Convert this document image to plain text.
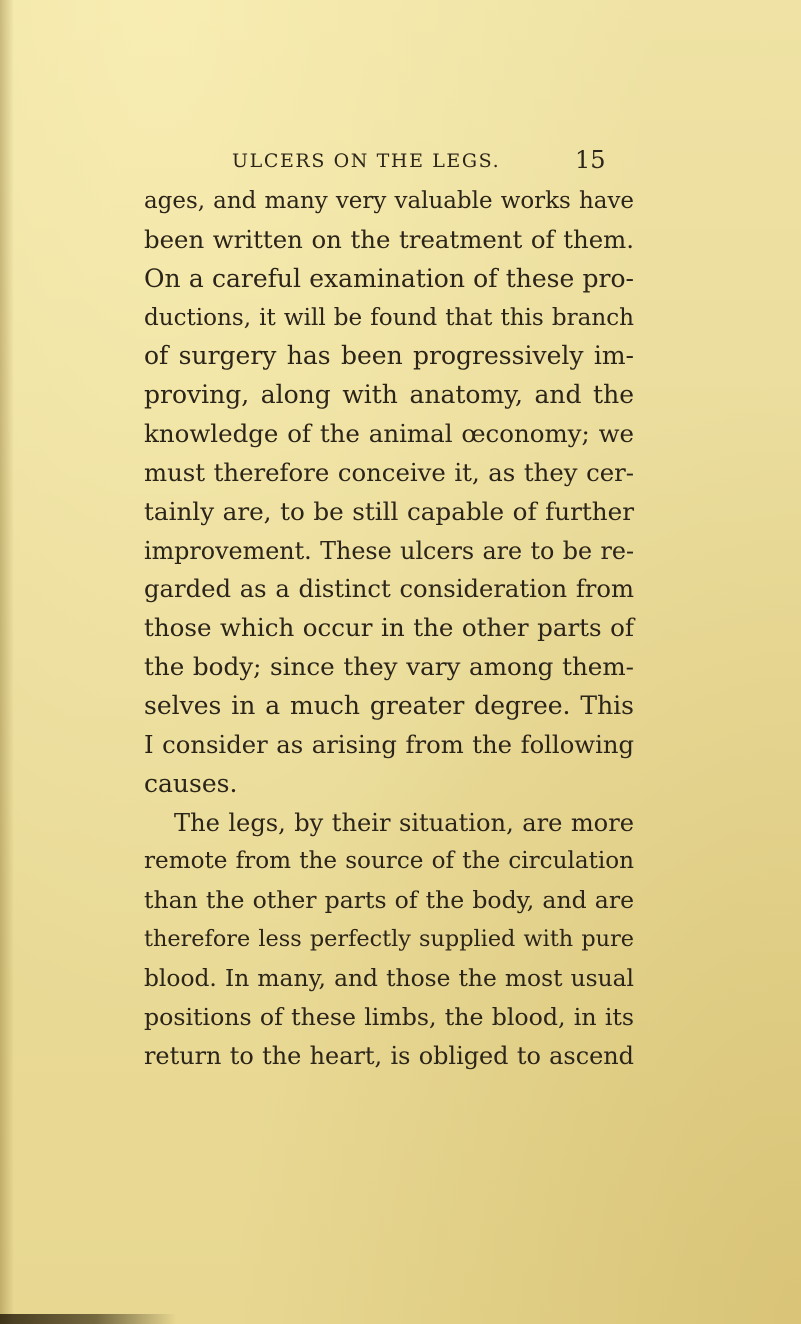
ULCERS ON THE LEGS.	15
ages, and many very valuable works have
been written on the treatment of them.
On a careful examination of these pro-
ductions, it will be found that this branch
of surgery has been progressively im-
proving, along with anatomy, and the
knowledge of the animal œconomy; we
must therefore conceive it, as they cer-
tainly are, to be still capable of further
improvement. These ulcers are to be re-
garded as a distinct consideration from
those which occur in the other parts of
the body; since they vary among them-
selves in a much greater degree. This
I consider as arising from the following
causes.
The legs, by their situation, are more
remote from the source of the circulation
than the other parts of the body, and are
therefore less perfectly supplied with pure
blood. In many, and those the most usual
positions of these limbs, the blood, in its
return to the heart, is obliged to ascend
